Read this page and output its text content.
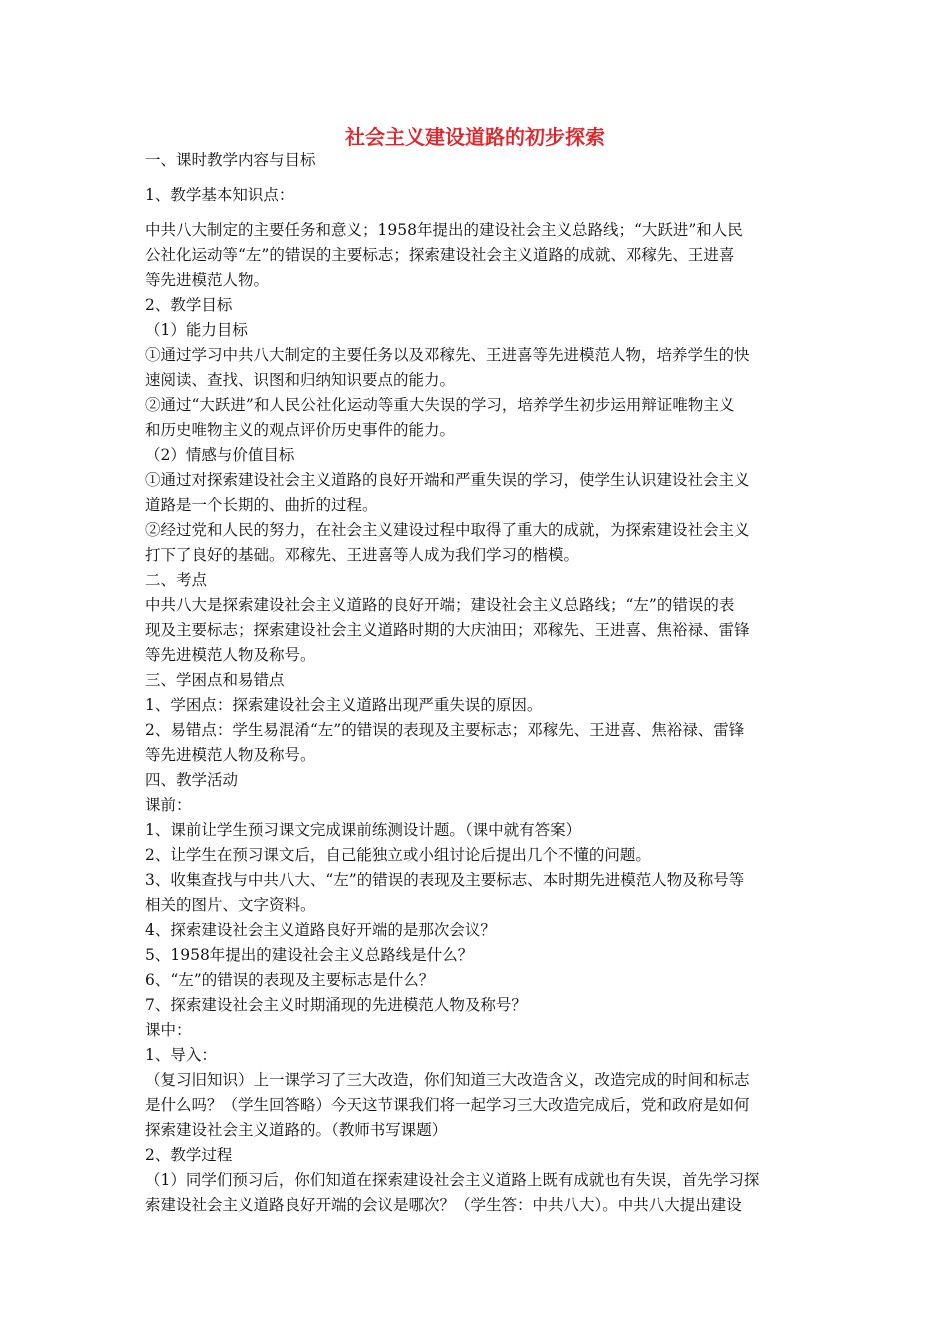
社会主义建设道路的初步探索

一、课时教学内容与目标

1、教学基本知识点：

中共八大制定的主要任务和意义；1958年提出的建设社会主义总路线；“大跃进”和人民

公社化运动等“左”的错误的主要标志；探索建设社会主义道路的成就、邓稼先、王进喜

等先进模范人物。

2、教学目标

（1）能力目标

①通过学习中共八大制定的主要任务以及邓稼先、王进喜等先进模范人物，培养学生的快

速阅读、查找、识图和归纳知识要点的能力。

②通过“大跃进”和人民公社化运动等重大失误的学习，培养学生初步运用辩证唯物主义

和历史唯物主义的观点评价历史事件的能力。

（2）情感与价值目标

①通过对探索建设社会主义道路的良好开端和严重失误的学习，使学生认识建设社会主义

道路是一个长期的、曲折的过程。

②经过党和人民的努力，在社会主义建设过程中取得了重大的成就，为探索建设社会主义

打下了良好的基础。邓稼先、王进喜等人成为我们学习的楷模。

二、考点

中共八大是探索建设社会主义道路的良好开端；建设社会主义总路线；“左”的错误的表

现及主要标志；探索建设社会主义道路时期的大庆油田；邓稼先、王进喜、焦裕禄、雷锋

等先进模范人物及称号。

三、学困点和易错点

1、学困点：探索建设社会主义道路出现严重失误的原因。

2、易错点：学生易混淆“左”的错误的表现及主要标志；邓稼先、王进喜、焦裕禄、雷锋

等先进模范人物及称号。

四、教学活动

课前：

1、课前让学生预习课文完成课前练测设计题。（课中就有答案）

2、让学生在预习课文后，自己能独立或小组讨论后提出几个不懂的问题。

3、收集查找与中共八大、“左”的错误的表现及主要标志、本时期先进模范人物及称号等

相关的图片、文字资料。

4、探索建设社会主义道路良好开端的是那次会议？

5、1958年提出的建设社会主义总路线是什么？

6、“左”的错误的表现及主要标志是什么？

7、探索建设社会主义时期涌现的先进模范人物及称号？

课中：

1、导入：

（复习旧知识）上一课学习了三大改造，你们知道三大改造含义，改造完成的时间和标志

是什么吗？（学生回答略）今天这节课我们将一起学习三大改造完成后，党和政府是如何

探索建设社会主义道路的。（教师书写课题）

2、教学过程

（1）同学们预习后，你们知道在探索建设社会主义道路上既有成就也有失误，首先学习探

索建设社会主义道路良好开端的会议是哪次？（学生答：中共八大）。中共八大提出建设
